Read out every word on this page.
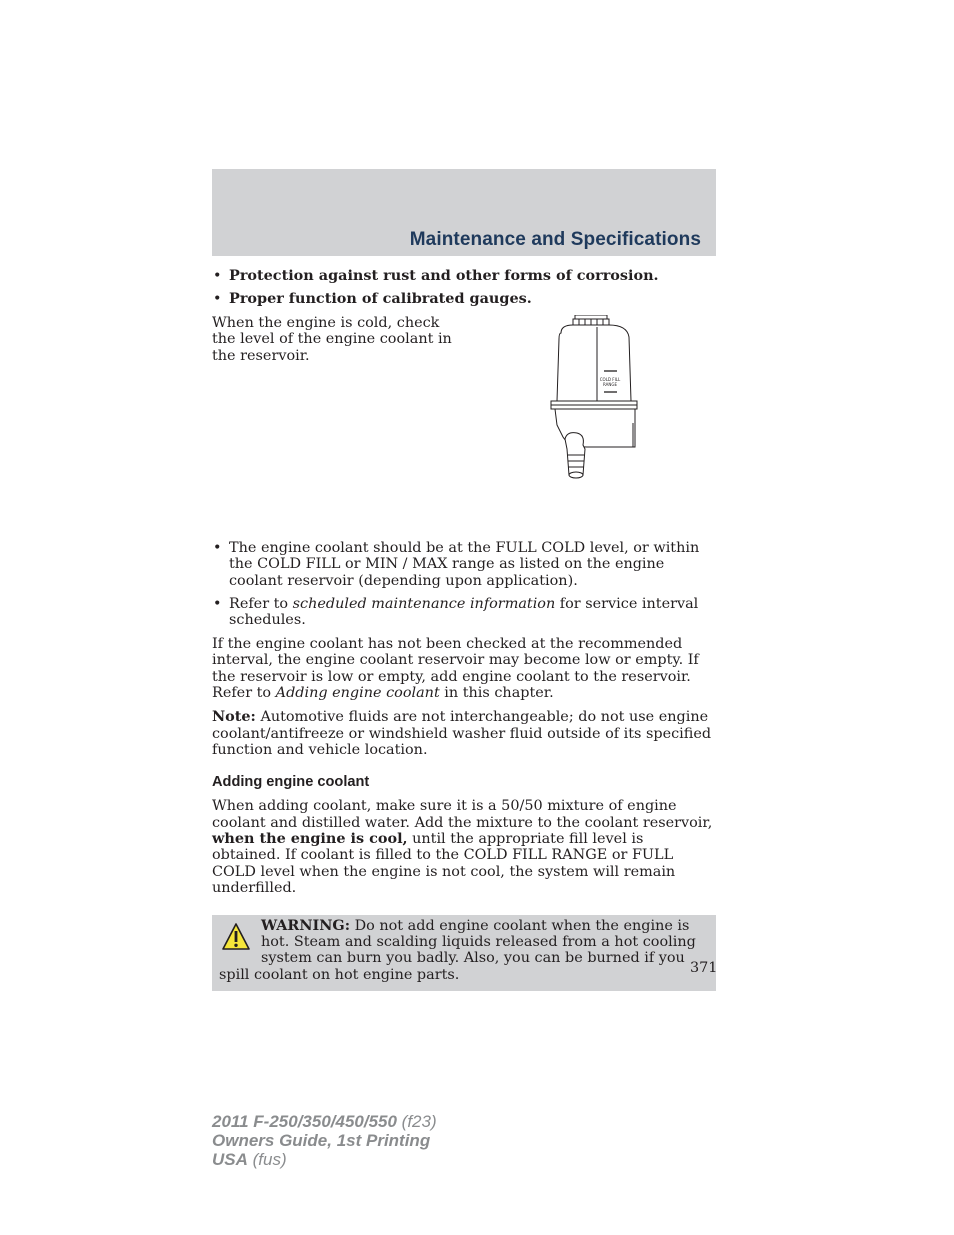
Maintenance and Specifications
• Protection against rust and other forms of corrosion.
• Proper function of calibrated gauges.
When the engine is cold, check the level of the engine coolant in the reservoir.
COLD FILL
RANGE
• The engine coolant should be at the FULL COLD level, or within the COLD FILL or MIN / MAX range as listed on the engine coolant reservoir (depending upon application).
• Refer to scheduled maintenance information for service interval schedules.

If the engine coolant has not been checked at the recommended interval, the engine coolant reservoir may become low or empty. If the reservoir is low or empty, add engine coolant to the reservoir. Refer to Adding engine coolant in this chapter.

Note: Automotive fluids are not interchangeable; do not use engine coolant/antifreeze or windshield washer fluid outside of its specified function and vehicle location.

Adding engine coolant

When adding coolant, make sure it is a 50/50 mixture of engine coolant and distilled water. Add the mixture to the coolant reservoir, when the engine is cool, until the appropriate fill level is obtained. If coolant is filled to the COLD FILL RANGE or FULL COLD level when the engine is not cool, the system will remain underfilled.

WARNING: Do not add engine coolant when the engine is hot. Steam and scalding liquids released from a hot cooling system can burn you badly. Also, you can be burned if you spill coolant on hot engine parts.	371
2011 F-250/350/450/550 (f23)
Owners Guide, 1st Printing
USA (fus)
